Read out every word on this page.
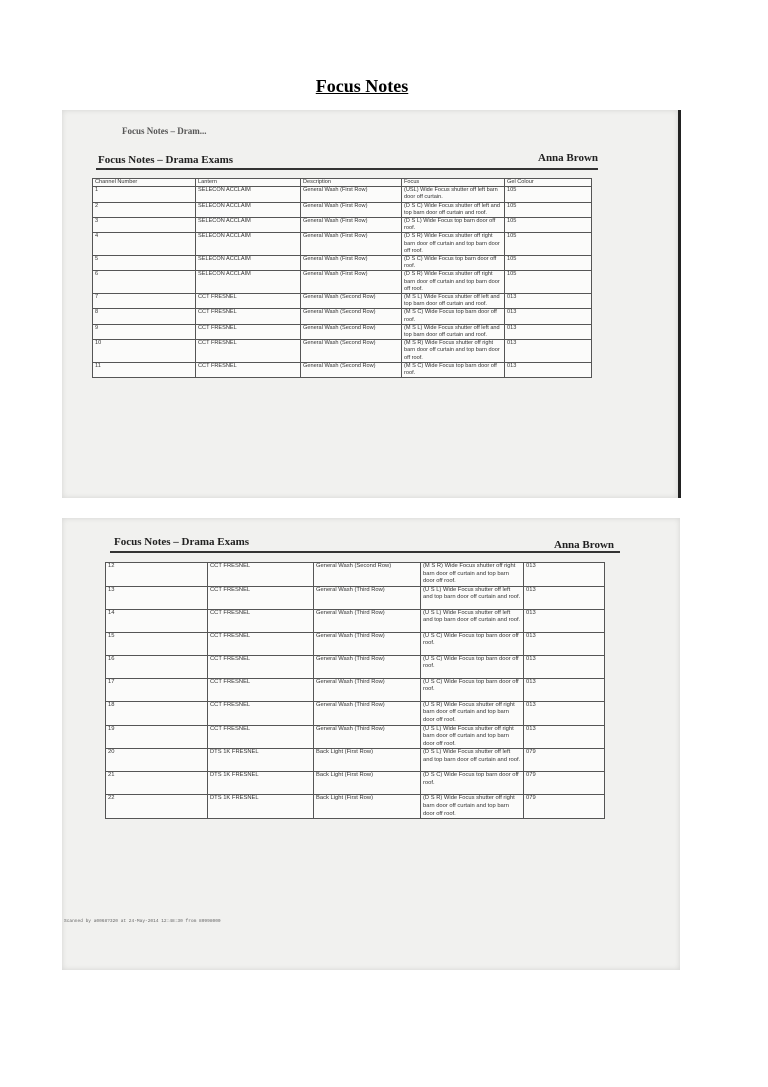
Focus Notes
Focus Notes – Dram...
Focus Notes – Drama Exams	Anna Brown
Channel Number	Lantern	Description	Focus	Gel Colour
1	SELECON ACCLAIM	General Wash (First Row)	(USL) Wide Focus shutter off left barn door off curtain.	105
2	SELECON ACCLAIM	General Wash (First Row)	(D S C) Wide Focus shutter off left and top barn door off curtain and roof.	105
3	SELECON ACCLAIM	General Wash (First Row)	(D S L) Wide Focus top barn door off roof.	105
4	SELECON ACCLAIM	General Wash (First Row)	(D S R) Wide Focus shutter off right barn door off curtain and top barn door off roof.	105
5	SELECON ACCLAIM	General Wash (First Row)	(D S C) Wide Focus top barn door off roof.	105
6	SELECON ACCLAIM	General Wash (First Row)	(D S R) Wide Focus shutter off right barn door off curtain and top barn door off roof.	105
7	CCT FRESNEL	General Wash (Second Row)	(M S L) Wide Focus shutter off left and top barn door off curtain and roof.	013
8	CCT FRESNEL	General Wash (Second Row)	(M S C) Wide Focus top barn door off roof.	013
9	CCT FRESNEL	General Wash (Second Row)	(M S L) Wide Focus shutter off left and top barn door off curtain and roof.	013
10	CCT FRESNEL	General Wash (Second Row)	(M S R) Wide Focus shutter off right barn door off curtain and top barn door off roof.	013
11	CCT FRESNEL	General Wash (Second Row)	(M S C) Wide Focus top barn door off roof.	013
Focus Notes – Drama Exams	Anna Brown
12	CCT FRESNEL	General Wash (Second Row)	(M S R) Wide Focus shutter off right barn door off curtain and top barn door off roof.	013
13	CCT FRESNEL	General Wash (Third Row)	(U S L) Wide Focus shutter off left and top barn door off curtain and roof.	013
14	CCT FRESNEL	General Wash (Third Row)	(U S L) Wide Focus shutter off left and top barn door off curtain and roof.	013
15	CCT FRESNEL	General Wash (Third Row)	(U S C) Wide Focus top barn door off roof.	013
16	CCT FRESNEL	General Wash (Third Row)	(U S C) Wide Focus top barn door off roof.	013
17	CCT FRESNEL	General Wash (Third Row)	(U S C) Wide Focus top barn door off roof.	013
18	CCT FRESNEL	General Wash (Third Row)	(U S R) Wide Focus shutter off right barn door off curtain and top barn door off roof.	013
19	CCT FRESNEL	General Wash (Third Row)	(U S L) Wide Focus shutter off right barn door off curtain and top barn door off roof.	013
20	DTS 1K FRESNEL	Back Light (First Row)	(D S L) Wide Focus shutter off left and top barn door off curtain and roof.	079
21	DTS 1K FRESNEL	Back Light (First Row)	(D S C) Wide Focus top barn door off roof.	079
22	DTS 1K FRESNEL	Back Light (First Row)	(D S R) Wide Focus shutter off right barn door off curtain and top barn door off roof.	079
Scanned by a0068?320 at 24-May-2014 12:48:30 from 80998000
